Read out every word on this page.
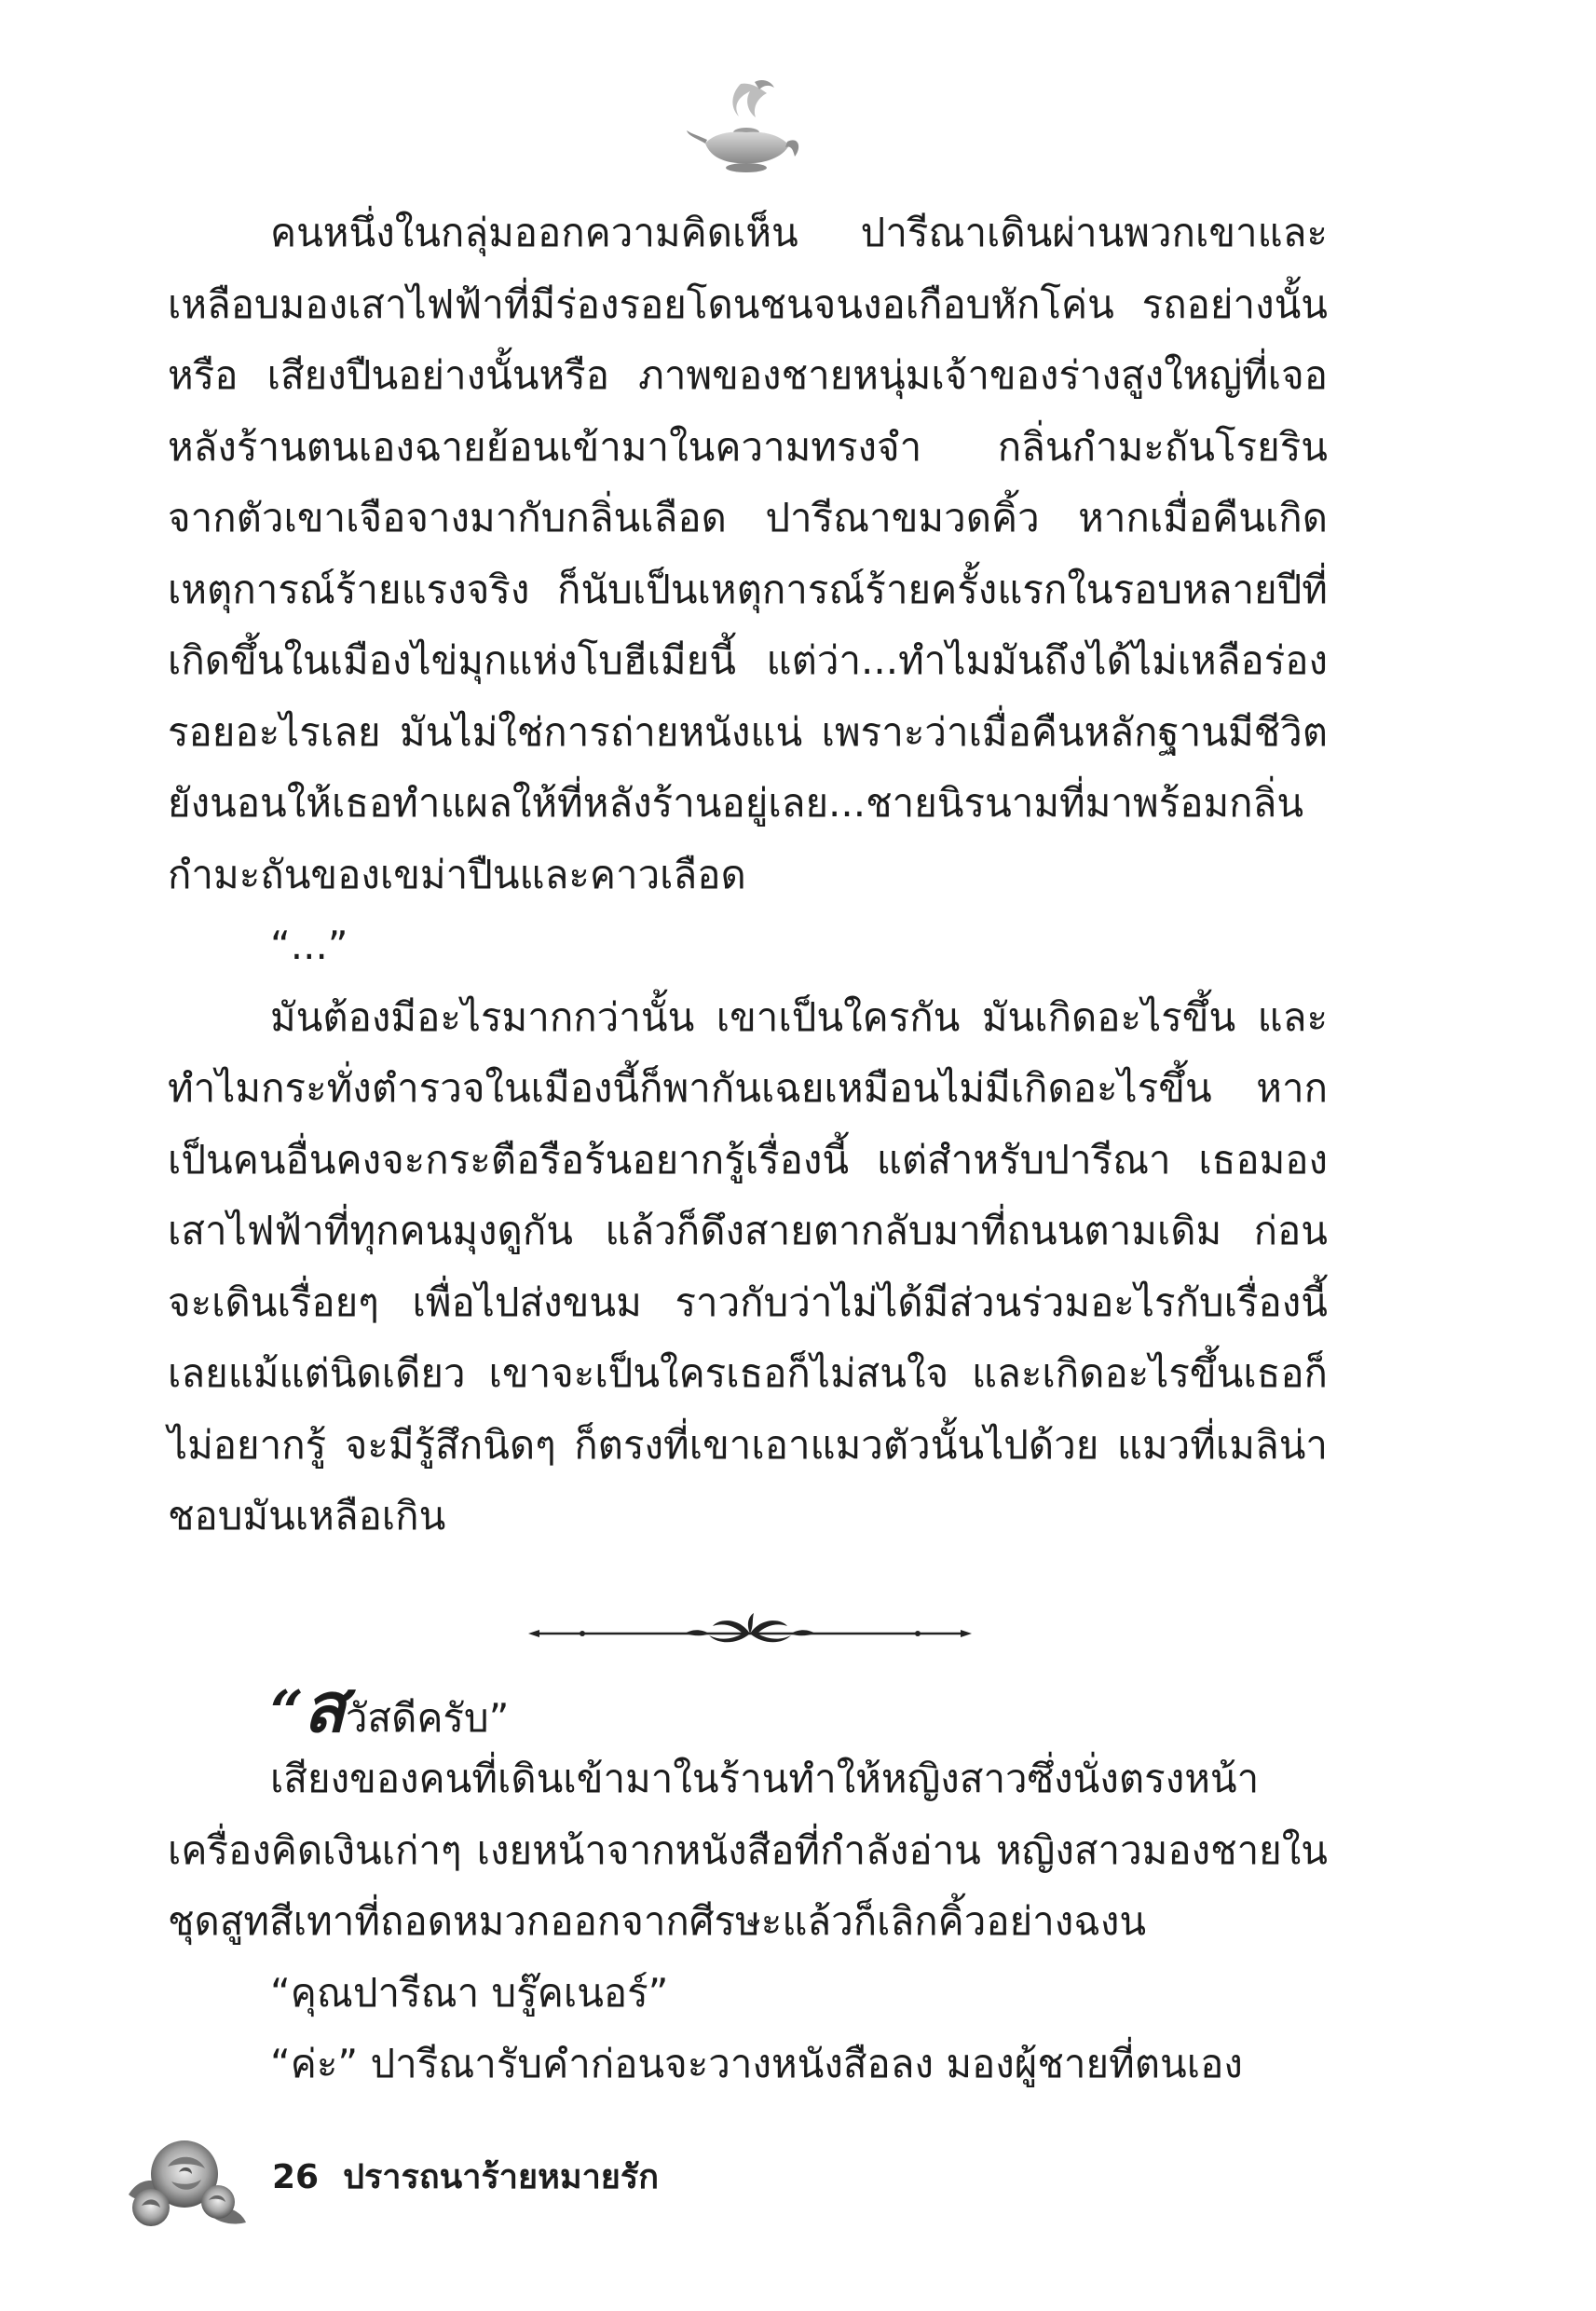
คนหนึ่งในกลุ่มออกความคิดเห็น ปารีณาเดินผ่านพวกเขาและเหลือบมองเสาไฟฟ้าที่มีร่องรอยโดนชนจนงอเกือบหักโค่น รถอย่างนั้นหรือ เสียงปืนอย่างนั้นหรือ ภาพของชายหนุ่มเจ้าของร่างสูงใหญ่ที่เจอหลังร้านตนเองฉายย้อนเข้ามาในความทรงจำ กลิ่นกำมะถันโรยรินจากตัวเขาเจือจางมากับกลิ่นเลือด ปารีณาขมวดคิ้ว หากเมื่อคืนเกิดเหตุการณ์ร้ายแรงจริง ก็นับเป็นเหตุการณ์ร้ายครั้งแรกในรอบหลายปีที่เกิดขึ้นในเมืองไข่มุกแห่งโบฮีเมียนี้ แต่ว่า...ทำไมมันถึงได้ไม่เหลือร่องรอยอะไรเลย มันไม่ใช่การถ่ายหนังแน่ เพราะว่าเมื่อคืนหลักฐานมีชีวิตยังนอนให้เธอทำแผลให้ที่หลังร้านอยู่เลย...ชายนิรนามที่มาพร้อมกลิ่นกำมะถันของเขม่าปืนและคาวเลือด

“...”

มันต้องมีอะไรมากกว่านั้น เขาเป็นใครกัน มันเกิดอะไรขึ้น และทำไมกระทั่งตำรวจในเมืองนี้ก็พากันเฉยเหมือนไม่มีเกิดอะไรขึ้น หากเป็นคนอื่นคงจะกระตือรือร้นอยากรู้เรื่องนี้ แต่สำหรับปารีณา เธอมองเสาไฟฟ้าที่ทุกคนมุงดูกัน แล้วก็ดึงสายตากลับมาที่ถนนตามเดิม ก่อนจะเดินเรื่อยๆ เพื่อไปส่งขนม ราวกับว่าไม่ได้มีส่วนร่วมอะไรกับเรื่องนี้เลยแม้แต่นิดเดียว เขาจะเป็นใครเธอก็ไม่สนใจ และเกิดอะไรขึ้นเธอก็ไม่อยากรู้ จะมีรู้สึกนิดๆ ก็ตรงที่เขาเอาแมวตัวนั้นไปด้วย แมวที่เมลิน่าชอบมันเหลือเกิน

“สวัสดีครับ”

เสียงของคนที่เดินเข้ามาในร้านทำให้หญิงสาวซึ่งนั่งตรงหน้าเครื่องคิดเงินเก่าๆ เงยหน้าจากหนังสือที่กำลังอ่าน หญิงสาวมองชายในชุดสูทสีเทาที่ถอดหมวกออกจากศีรษะแล้วก็เลิกคิ้วอย่างฉงน

“คุณปารีณา บรู๊คเนอร์”

“ค่ะ” ปารีณารับคำก่อนจะวางหนังสือลง มองผู้ชายที่ตนเอง

26 ปรารถนาร้ายหมายรัก
